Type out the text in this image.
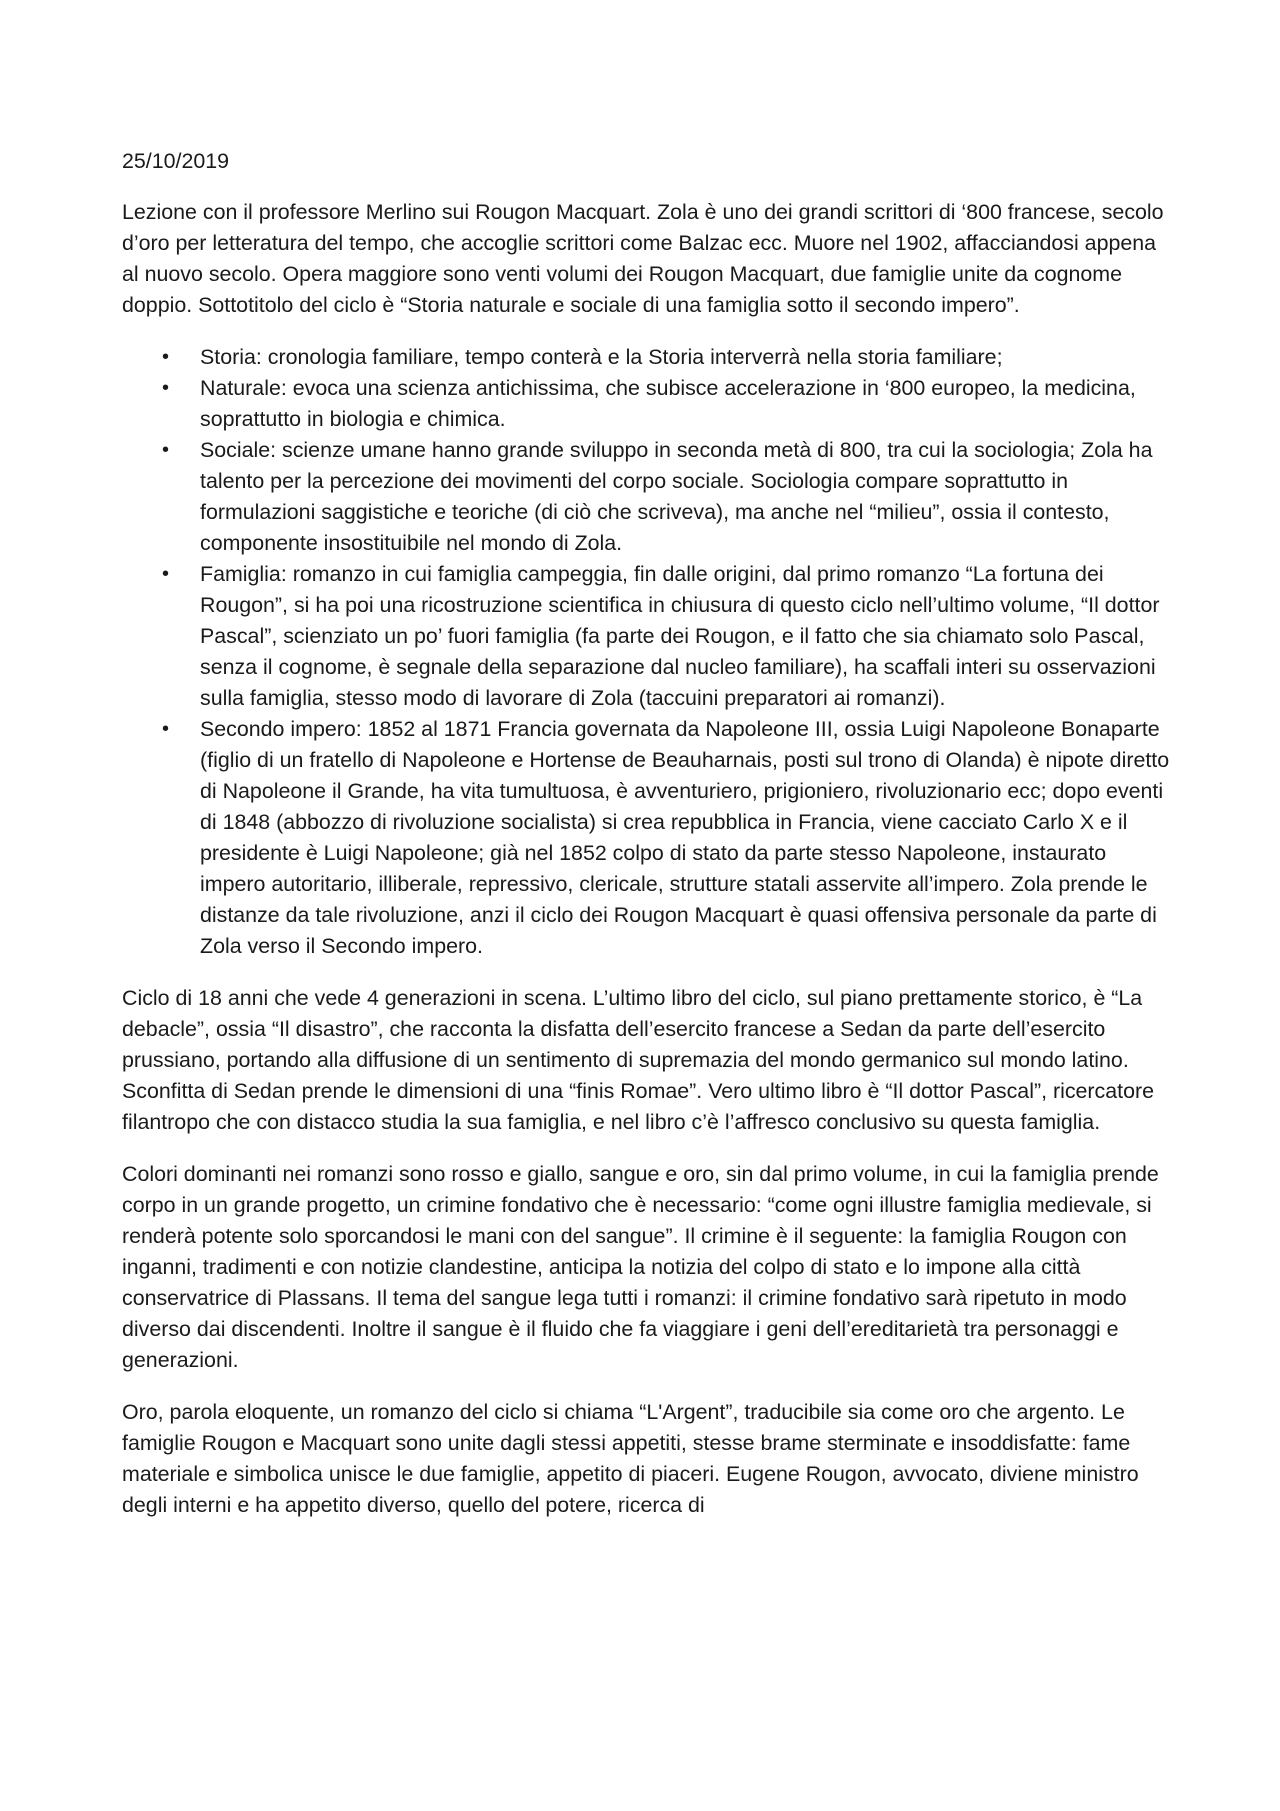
25/10/2019

Lezione con il professore Merlino sui Rougon Macquart. Zola è uno dei grandi scrittori di ‘800 francese, secolo d’oro per letteratura del tempo, che accoglie scrittori come Balzac ecc. Muore nel 1902, affacciandosi appena al nuovo secolo. Opera maggiore sono venti volumi dei Rougon Macquart, due famiglie unite da cognome doppio. Sottotitolo del ciclo è “Storia naturale e sociale di una famiglia sotto il secondo impero”.

• Storia: cronologia familiare, tempo conterà e la Storia interverrà nella storia familiare;
• Naturale: evoca una scienza antichissima, che subisce accelerazione in ‘800 europeo, la medicina, soprattutto in biologia e chimica.
• Sociale: scienze umane hanno grande sviluppo in seconda metà di 800, tra cui la sociologia; Zola ha talento per la percezione dei movimenti del corpo sociale. Sociologia compare soprattutto in formulazioni saggistiche e teoriche (di ciò che scriveva), ma anche nel “milieu”, ossia il contesto, componente insostituibile nel mondo di Zola.
• Famiglia: romanzo in cui famiglia campeggia, fin dalle origini, dal primo romanzo “La fortuna dei Rougon”, si ha poi una ricostruzione scientifica in chiusura di questo ciclo nell’ultimo volume, “Il dottor Pascal”, scienziato un po’ fuori famiglia (fa parte dei Rougon, e il fatto che sia chiamato solo Pascal, senza il cognome, è segnale della separazione dal nucleo familiare), ha scaffali interi su osservazioni sulla famiglia, stesso modo di lavorare di Zola (taccuini preparatori ai romanzi).
• Secondo impero: 1852 al 1871 Francia governata da Napoleone III, ossia Luigi Napoleone Bonaparte (figlio di un fratello di Napoleone e Hortense de Beauharnais, posti sul trono di Olanda) è nipote diretto di Napoleone il Grande, ha vita tumultuosa, è avventuriero, prigioniero, rivoluzionario ecc; dopo eventi di 1848 (abbozzo di rivoluzione socialista) si crea repubblica in Francia, viene cacciato Carlo X e il presidente è Luigi Napoleone; già nel 1852 colpo di stato da parte stesso Napoleone, instaurato impero autoritario, illiberale, repressivo, clericale, strutture statali asservite all’impero. Zola prende le distanze da tale rivoluzione, anzi il ciclo dei Rougon Macquart è quasi offensiva personale da parte di Zola verso il Secondo impero.

Ciclo di 18 anni che vede 4 generazioni in scena. L’ultimo libro del ciclo, sul piano prettamente storico, è “La debacle”, ossia “Il disastro”, che racconta la disfatta dell’esercito francese a Sedan da parte dell’esercito prussiano, portando alla diffusione di un sentimento di supremazia del mondo germanico sul mondo latino. Sconfitta di Sedan prende le dimensioni di una “finis Romae”. Vero ultimo libro è “Il dottor Pascal”, ricercatore filantropo che con distacco studia la sua famiglia, e nel libro c’è l’affresco conclusivo su questa famiglia.

Colori dominanti nei romanzi sono rosso e giallo, sangue e oro, sin dal primo volume, in cui la famiglia prende corpo in un grande progetto, un crimine fondativo che è necessario: “come ogni illustre famiglia medievale, si renderà potente solo sporcandosi le mani con del sangue”. Il crimine è il seguente: la famiglia Rougon con inganni, tradimenti e con notizie clandestine, anticipa la notizia del colpo di stato e lo impone alla città conservatrice di Plassans. Il tema del sangue lega tutti i romanzi: il crimine fondativo sarà ripetuto in modo diverso dai discendenti. Inoltre il sangue è il fluido che fa viaggiare i geni dell’ereditarietà tra personaggi e generazioni.

Oro, parola eloquente, un romanzo del ciclo si chiama “L'Argent”, traducibile sia come oro che argento. Le famiglie Rougon e Macquart sono unite dagli stessi appetiti, stesse brame sterminate e insoddisfatte: fame materiale e simbolica unisce le due famiglie, appetito di piaceri. Eugene Rougon, avvocato, diviene ministro degli interni e ha appetito diverso, quello del potere, ricerca di
